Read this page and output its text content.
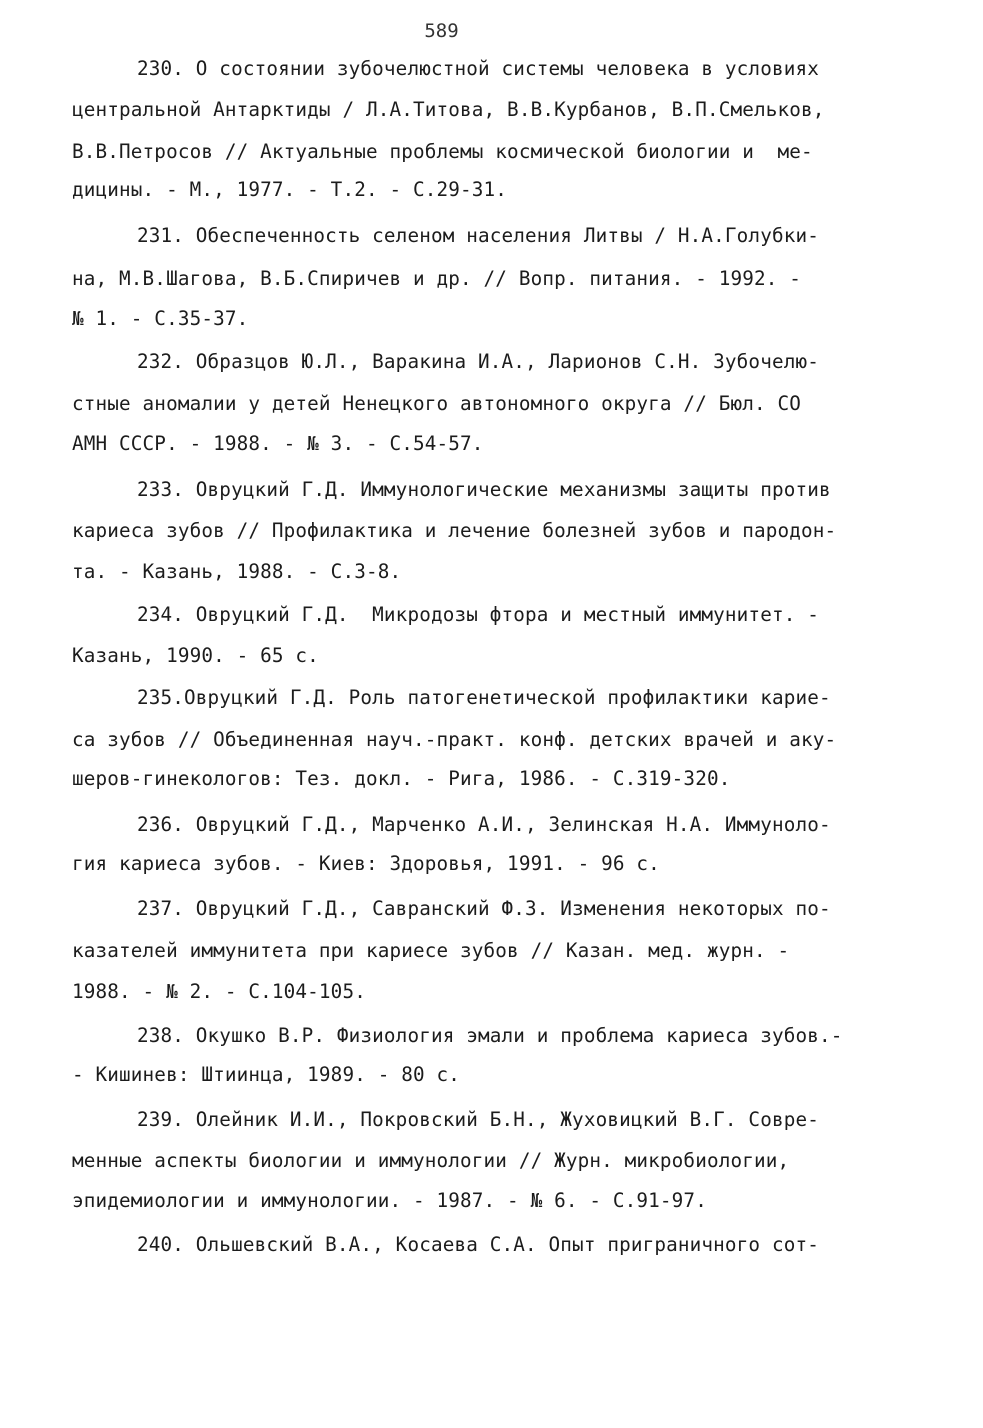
589
230. О состоянии зубочелюстной системы человека в условиях
центральной Антарктиды / Л.А.Титова, В.В.Курбанов, В.П.Смельков,
В.В.Петросов // Актуальные проблемы космической биологии и  ме-
дицины. - М., 1977. - Т.2. - С.29-31.
231. Обеспеченность селеном населения Литвы / Н.А.Голубки-
на, М.В.Шагова, В.Б.Спиричев и др. // Вопр. питания. - 1992. -
№ 1. - С.35-37.
232. Образцов Ю.Л., Варакина И.А., Ларионов С.Н. Зубочелю-
стные аномалии у детей Ненецкого автономного округа // Бюл. СО
АМН СССР. - 1988. - № 3. - С.54-57.
233. Овруцкий Г.Д. Иммунологические механизмы защиты против
кариеса зубов // Профилактика и лечение болезней зубов и пародон-
та. - Казань, 1988. - С.3-8.
234. Овруцкий Г.Д.  Микродозы фтора и местный иммунитет. -
Казань, 1990. - 65 с.
235.Овруцкий Г.Д. Роль патогенетической профилактики карие-
са зубов // Объединенная науч.-практ. конф. детских врачей и аку-
шеров-гинекологов: Тез. докл. - Рига, 1986. - С.319-320.
236. Овруцкий Г.Д., Марченко А.И., Зелинская Н.А. Иммуноло-
гия кариеса зубов. - Киев: Здоровья, 1991. - 96 с.
237. Овруцкий Г.Д., Савранский Ф.З. Изменения некоторых по-
казателей иммунитета при кариесе зубов // Казан. мед. журн. -
1988. - № 2. - С.104-105.
238. Окушко В.Р. Физиология эмали и проблема кариеса зубов.-
- Кишинев: Штиинца, 1989. - 80 с.
239. Олейник И.И., Покровский Б.Н., Жуховицкий В.Г. Совре-
менные аспекты биологии и иммунологии // Журн. микробиологии,
эпидемиологии и иммунологии. - 1987. - № 6. - С.91-97.
240. Ольшевский В.А., Косаева С.А. Опыт приграничного сот-
